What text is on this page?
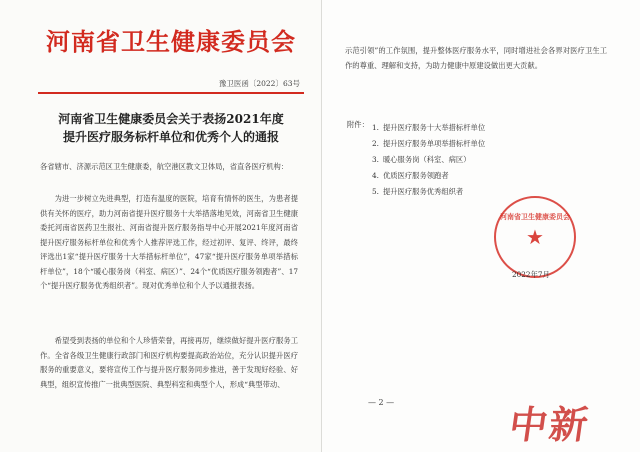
河南省卫生健康委员会
豫卫医函〔2022〕63号
河南省卫生健康委员会关于表扬2021年度
提升医疗服务标杆单位和优秀个人的通报
各省辖市、济源示范区卫生健康委，航空港区教文卫体局，省直各医疗机构：
为进一步树立先进典型，打造有温度的医院，培育有情怀的医生，为患者提供有关怀的医疗，助力河南省提升医疗服务十大举措落地见效，河南省卫生健康委托河南省医药卫生报社、河南省提升医疗服务指导中心开展2021年度河南省提升医疗服务标杆单位和优秀个人推荐评选工作，经过初评、复评、终评，最终评选出1家“提升医疗服务十大举措标杆单位”，47家“提升医疗服务单项举措标杆单位”，18个“暖心服务岗（科室、病区）”、24个“优质医疗服务领跑者”、17个“提升医疗服务优秀组织者”。现对优秀单位和个人予以通报表扬。
希望受到表扬的单位和个人珍惜荣誉，再接再厉，继续做好提升医疗服务工作。全省各级卫生健康行政部门和医疗机构要提高政治站位，充分认识提升医疗服务的重要意义，要将宣传工作与提升医疗服务同步推进，善于发现好经验、好典型，组织宣传推广一批典型医院、典型科室和典型个人，形成“典型带动、
示范引领”的工作氛围，提升整体医疗服务水平，同时增进社会各界对医疗卫生工作的尊重、理解和支持，为助力健康中原建设做出更大贡献。
附件： 1. 提升医疗服务十大举措标杆单位
2. 提升医疗服务单项举措标杆单位
3. 暖心服务岗（科室、病区）
4. 优质医疗服务领跑者
5. 提升医疗服务优秀组织者
河南省卫生健康委员会
★
2022年7月
— 2 —	中新
